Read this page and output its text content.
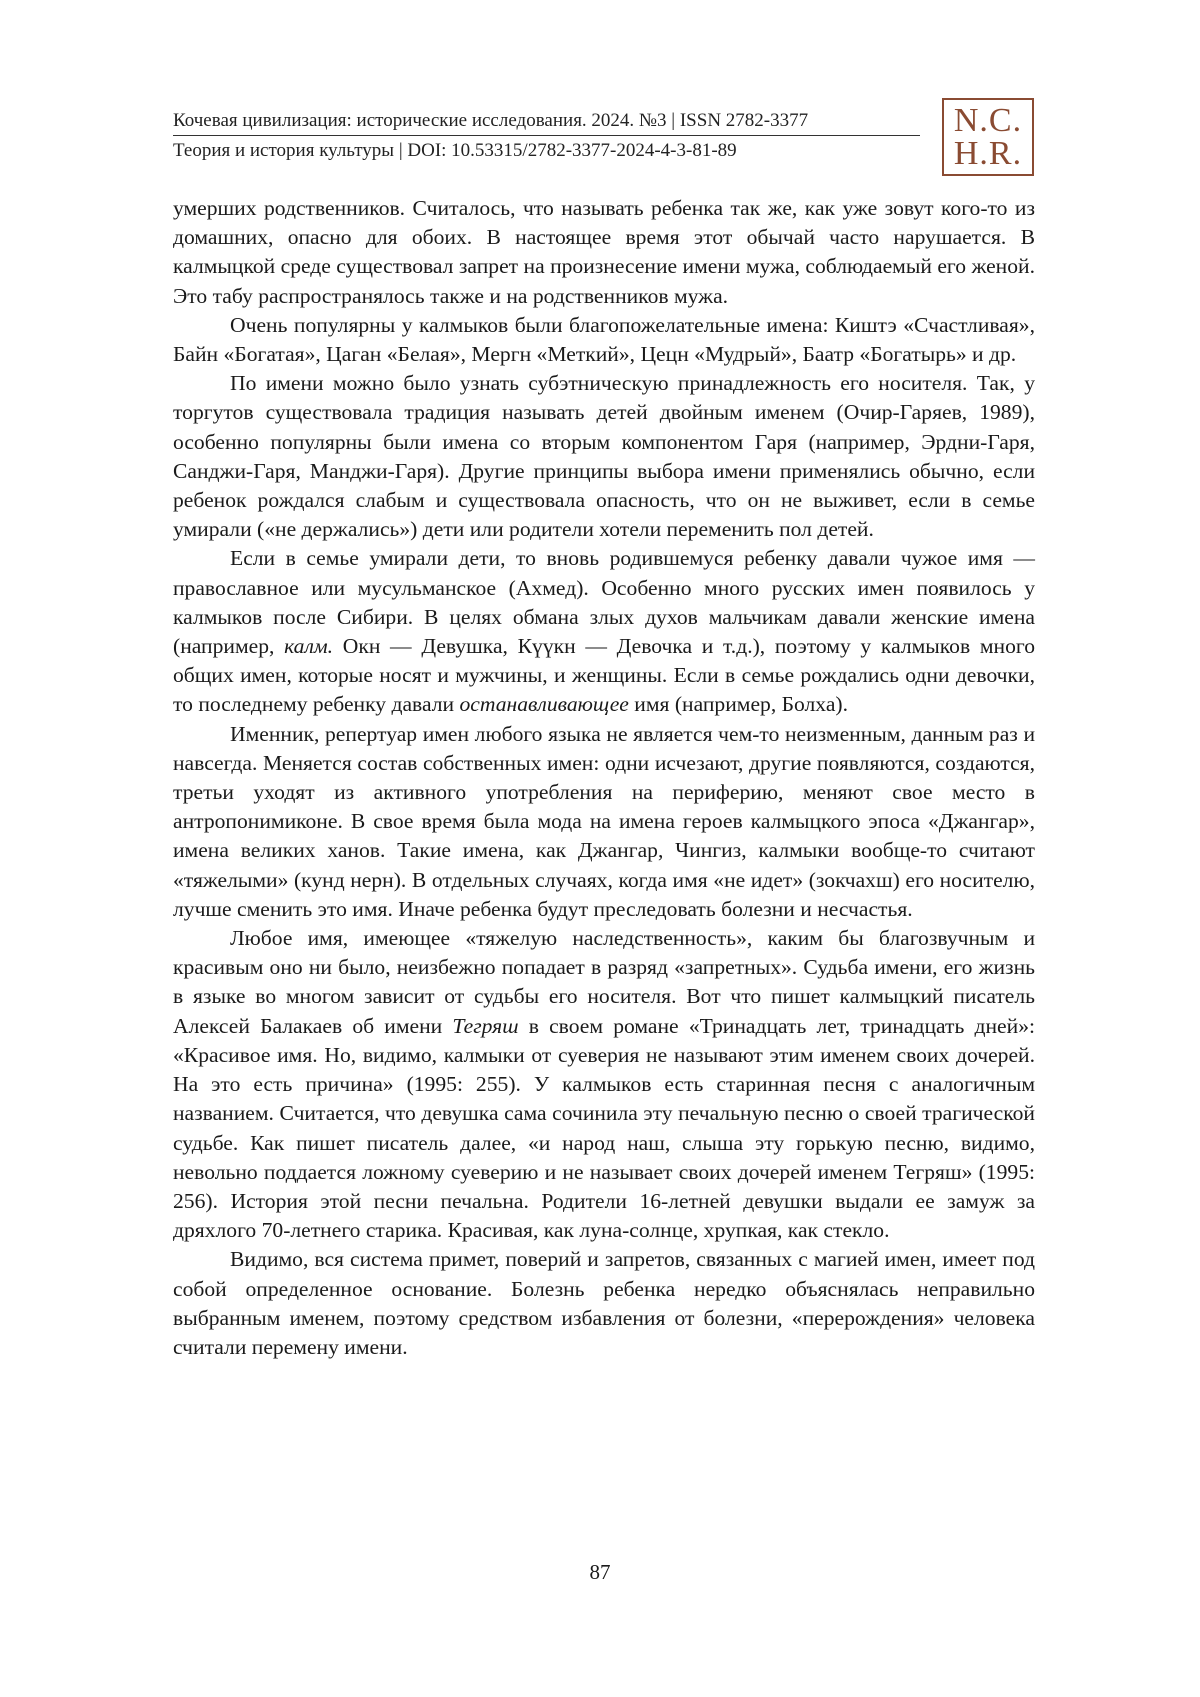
Кочевая цивилизация: исторические исследования. 2024. №3 | ISSN 2782-3377
Теория и история культуры | DOI: 10.53315/2782-3377-2024-4-3-81-89
N.C.
H.R.

умерших родственников. Считалось, что называть ребенка так же, как уже зовут кого-то из домашних, опасно для обоих. В настоящее время этот обычай часто нарушается. В калмыцкой среде существовал запрет на произнесение имени мужа, соблюдаемый его женой. Это табу распространялось также и на родственников мужа.

Очень популярны у калмыков были благопожелательные имена: Киштэ «Счастливая», Байн «Богатая», Цаган «Белая», Мергн «Меткий», Цецн «Мудрый», Баатр «Богатырь» и др.

По имени можно было узнать субэтническую принадлежность его носителя. Так, у торгутов существовала традиция называть детей двойным именем (Очир-Гаряев, 1989), особенно популярны были имена со вторым компонентом Гаря (например, Эрдни-Гаря, Санджи-Гаря, Манджи-Гаря). Другие принципы выбора имени применялись обычно, если ребенок рождался слабым и существовала опасность, что он не выживет, если в семье умирали («не держались») дети или родители хотели переменить пол детей.

Если в семье умирали дети, то вновь родившемуся ребенку давали чужое имя — православное или мусульманское (Ахмед). Особенно много русских имен появилось у калмыков после Сибири. В целях обмана злых духов мальчикам давали женские имена (например, калм. Окн — Девушка, Күүкн — Девочка и т.д.), поэтому у калмыков много общих имен, которые носят и мужчины, и женщины. Если в семье рождались одни девочки, то последнему ребенку давали останавливающее имя (например, Болха).

Именник, репертуар имен любого языка не является чем-то неизменным, данным раз и навсегда. Меняется состав собственных имен: одни исчезают, другие появляются, создаются, третьи уходят из активного употребления на периферию, меняют свое место в антропонимиконе. В свое время была мода на имена героев калмыцкого эпоса «Джангар», имена великих ханов. Такие имена, как Джангар, Чингиз, калмыки вообще-то считают «тяжелыми» (кунд нерн). В отдельных случаях, когда имя «не идет» (зокчахш) его носителю, лучше сменить это имя. Иначе ребенка будут преследовать болезни и несчастья.

Любое имя, имеющее «тяжелую наследственность», каким бы благозвучным и красивым оно ни было, неизбежно попадает в разряд «запретных». Судьба имени, его жизнь в языке во многом зависит от судьбы его носителя. Вот что пишет калмыцкий писатель Алексей Балакаев об имени Тегряш в своем романе «Тринадцать лет, тринадцать дней»: «Красивое имя. Но, видимо, калмыки от суеверия не называют этим именем своих дочерей. На это есть причина» (1995: 255). У калмыков есть старинная песня с аналогичным названием. Считается, что девушка сама сочинила эту печальную песню о своей трагической судьбе. Как пишет писатель далее, «и народ наш, слыша эту горькую песню, видимо, невольно поддается ложному суеверию и не называет своих дочерей именем Тегряш» (1995: 256). История этой песни печальна. Родители 16-летней девушки выдали ее замуж за дряхлого 70-летнего старика. Красивая, как луна-солнце, хрупкая, как стекло.

Видимо, вся система примет, поверий и запретов, связанных с магией имен, имеет под собой определенное основание. Болезнь ребенка нередко объяснялась неправильно выбранным именем, поэтому средством избавления от болезни, «перерождения» человека считали перемену имени.

87
